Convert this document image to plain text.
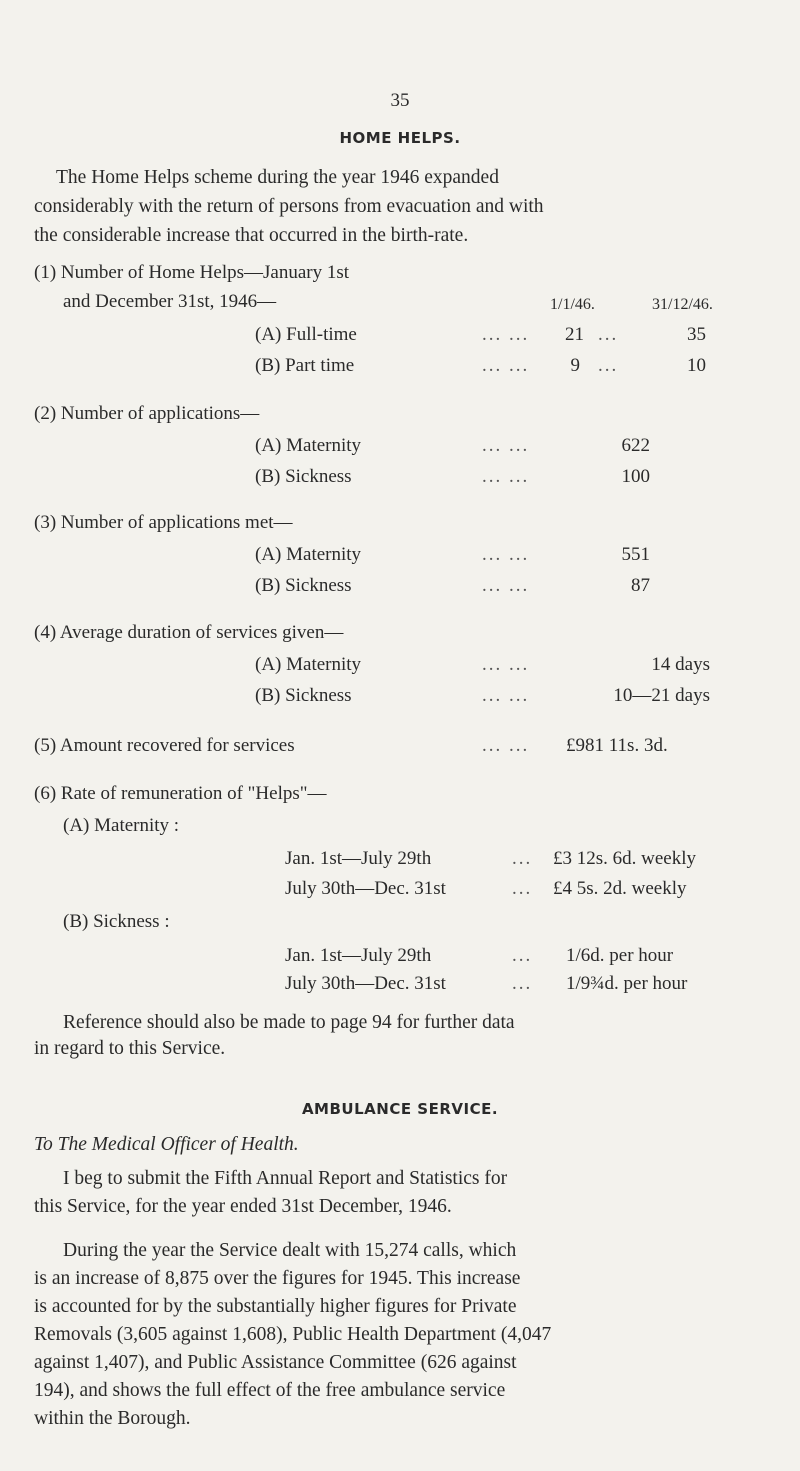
35
HOME HELPS.
The Home Helps scheme during the year 1946 expanded
considerably with the return of persons from evacuation and with
the considerable increase that occurred in the birth-rate.
(1) Number of Home Helps—January 1st
and December 31st, 1946—	1/1/46.	31/12/46.
(A) Full-time	... ... 21 ...	35
(B) Part time	... ...	9 ...	10
(2) Number of applications—
(A) Maternity	... ...	622
(B) Sickness	... ...	100
(3) Number of applications met—
(A) Maternity	... ...	551
(B) Sickness	... ...	87
(4) Average duration of services given—
(A) Maternity	... ...	14 days
(B) Sickness	... ...	10—21 days
(5) Amount recovered for services	... ... £981 11s. 3d.
(6) Rate of remuneration of "Helps"—
(A) Maternity :
Jan. 1st—July 29th	... £3 12s. 6d. weekly
July 30th—Dec. 31st	... £4 5s. 2d. weekly
(B) Sickness :
Jan. 1st—July 29th	... 1/6d. per hour
July 30th—Dec. 31st	... 1/9¾d. per hour
Reference should also be made to page 94 for further data
in regard to this Service.
AMBULANCE SERVICE.
To The Medical Officer of Health.
I beg to submit the Fifth Annual Report and Statistics for
this Service, for the year ended 31st December, 1946.
During the year the Service dealt with 15,274 calls, which
is an increase of 8,875 over the figures for 1945. This increase
is accounted for by the substantially higher figures for Private
Removals (3,605 against 1,608), Public Health Department (4,047
against 1,407), and Public Assistance Committee (626 against
194), and shows the full effect of the free ambulance service
within the Borough.
